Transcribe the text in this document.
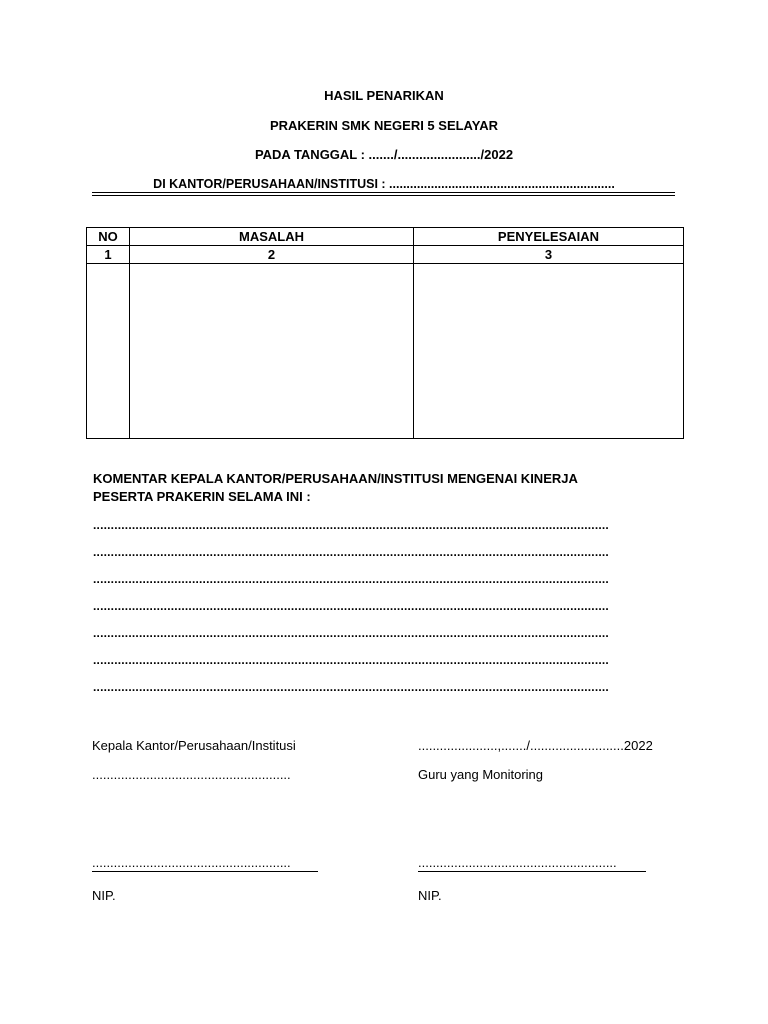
HASIL PENARIKAN
PRAKERIN SMK NEGERI 5 SELAYAR
PADA TANGGAL : ......./......................./2022
DI KANTOR/PERUSAHAAN/INSTITUSI : .................................................................
NO	MASALAH	PENYELESAIAN
1	2	3

KOMENTAR KEPALA KANTOR/PERUSAHAAN/INSTITUSI MENGENAI KINERJA
PESERTA PRAKERIN SELAMA INI :
..................................................................................................................................................
..................................................................................................................................................
..................................................................................................................................................
..................................................................................................................................................
..................................................................................................................................................
..................................................................................................................................................
..................................................................................................................................................
Kepala Kantor/Perusahaan/Institusi
.......................................................
.......................................................
NIP.
......................,......./..........................2022
Guru yang Monitoring
.......................................................
NIP.
